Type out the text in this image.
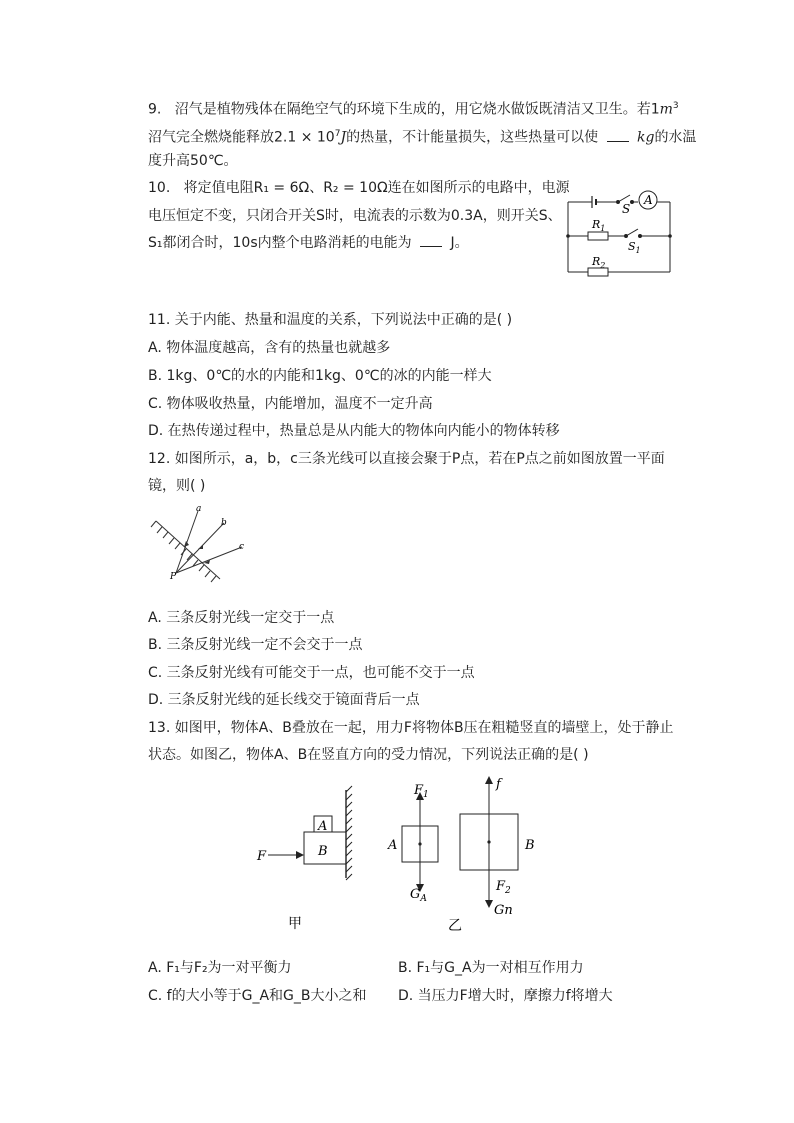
9. 沼气是植物残体在隔绝空气的环境下生成的，用它烧水做饭既清洁又卫生。若$1m^3$
沼气完全燃烧能释放$2.1 \times 10^7J$的热量，不计能量损失，这些热量可以使	kg的水温
度升高50℃。
10. 将定值电阻R₁ = 6Ω、R₂ = 10Ω连在如图所示的电路中，电源
电压恒定不变，只闭合开关S时，电流表的示数为0.3A，则开关S、
S₁都闭合时，10s内整个电路消耗的电能为	J。
A
S
$R_1$
$S_1$
$R_2$
11. 关于内能、热量和温度的关系，下列说法中正确的是( )
A. 物体温度越高，含有的热量也就越多
B. 1kg、0℃的水的内能和1kg、0℃的冰的内能一样大
C. 物体吸收热量，内能增加，温度不一定升高
D. 在热传递过程中，热量总是从内能大的物体向内能小的物体转移
12. 如图所示，a，b，c三条光线可以直接会聚于P点，若在P点之前如图放置一平面
镜，则( )
a
b
c
P
A. 三条反射光线一定交于一点
B. 三条反射光线一定不会交于一点
C. 三条反射光线有可能交于一点，也可能不交于一点
D. 三条反射光线的延长线交于镜面背后一点
13. 如图甲，物体A、B叠放在一起，用力F将物体B压在粗糙竖直的墙壁上，处于静止
状态。如图乙，物体A、B在竖直方向的受力情况，下列说法正确的是( )
A
B
F
甲	乙
$F_1$
$G_A$
A	B
f
$F_2$
Gn
A. F₁与F₂为一对平衡力	B. F₁与G_A为一对相互作用力
C. f的大小等于G_A和G_B大小之和 D. 当压力F增大时，摩擦力f将增大
